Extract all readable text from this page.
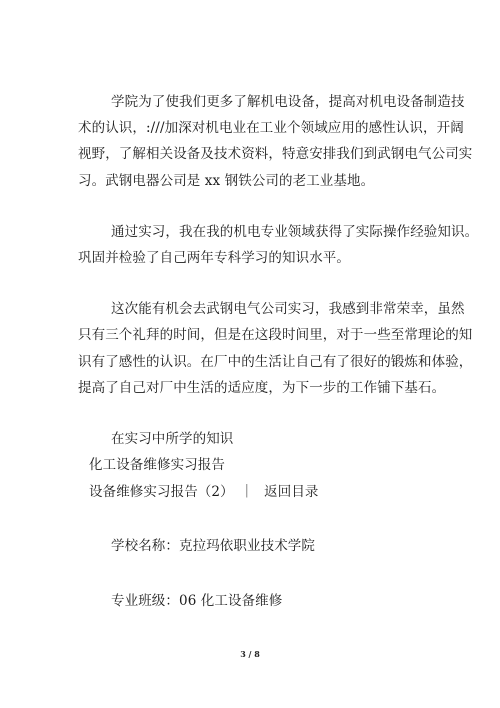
学院为了使我们更多了解机电设备，提高对机电设备制造技
术的认识，:///加深对机电业在工业个领域应用的感性认识，开阔
视野，了解相关设备及技术资料，特意安排我们到武钢电气公司实
习。武钢电器公司是 xx 钢铁公司的老工业基地。
通过实习，我在我的机电专业领域获得了实际操作经验知识。
巩固并检验了自己两年专科学习的知识水平。
这次能有机会去武钢电气公司实习，我感到非常荣幸，虽然
只有三个礼拜的时间，但是在这段时间里，对于一些至常理论的知
识有了感性的认识。在厂中的生活让自己有了很好的锻炼和体验，
提高了自己对厂中生活的适应度，为下一步的工作铺下基石。
在实习中所学的知识
化工设备维修实习报告
设备维修实习报告（2） ｜ 返回目录
学校名称：克拉玛依职业技术学院
专业班级：06 化工设备维修
3 / 8
